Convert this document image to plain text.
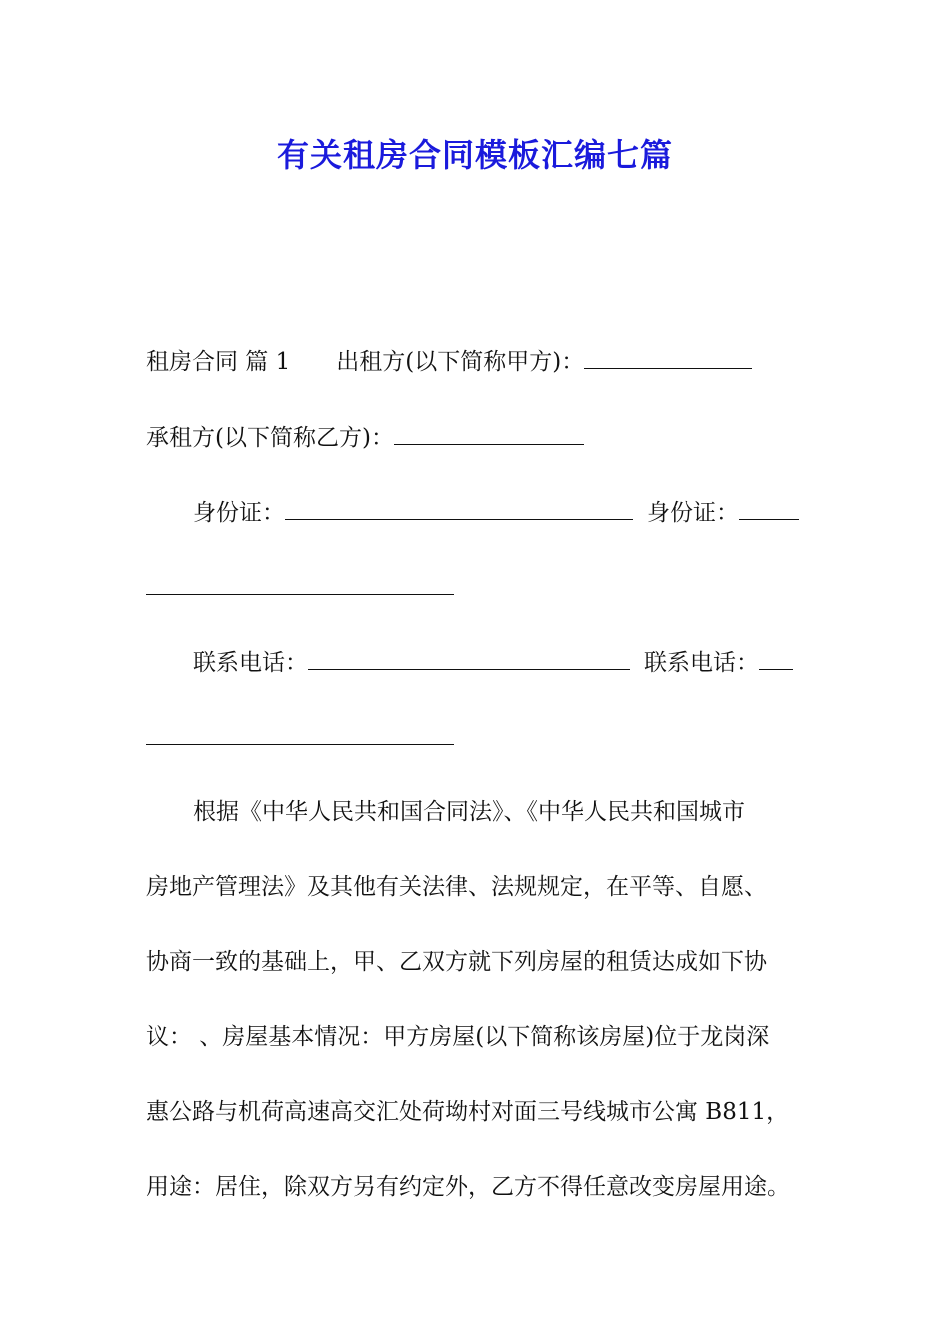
有关租房合同模板汇编七篇
租房合同 篇 1 出租方(以下简称甲方)：
承租方(以下简称乙方)：
身份证：	身份证：
联系电话：	联系电话：
根据《中华人民共和国合同法》、《中华人民共和国城市
房地产管理法》及其他有关法律、法规规定，在平等、自愿、
协商一致的基础上，甲、乙双方就下列房屋的租赁达成如下协
议： 、房屋基本情况：甲方房屋(以下简称该房屋)位于龙岗深
惠公路与机荷高速高交汇处荷坳村对面三号线城市公寓 B811，
用途：居住，除双方另有约定外，乙方不得任意改变房屋用途。
